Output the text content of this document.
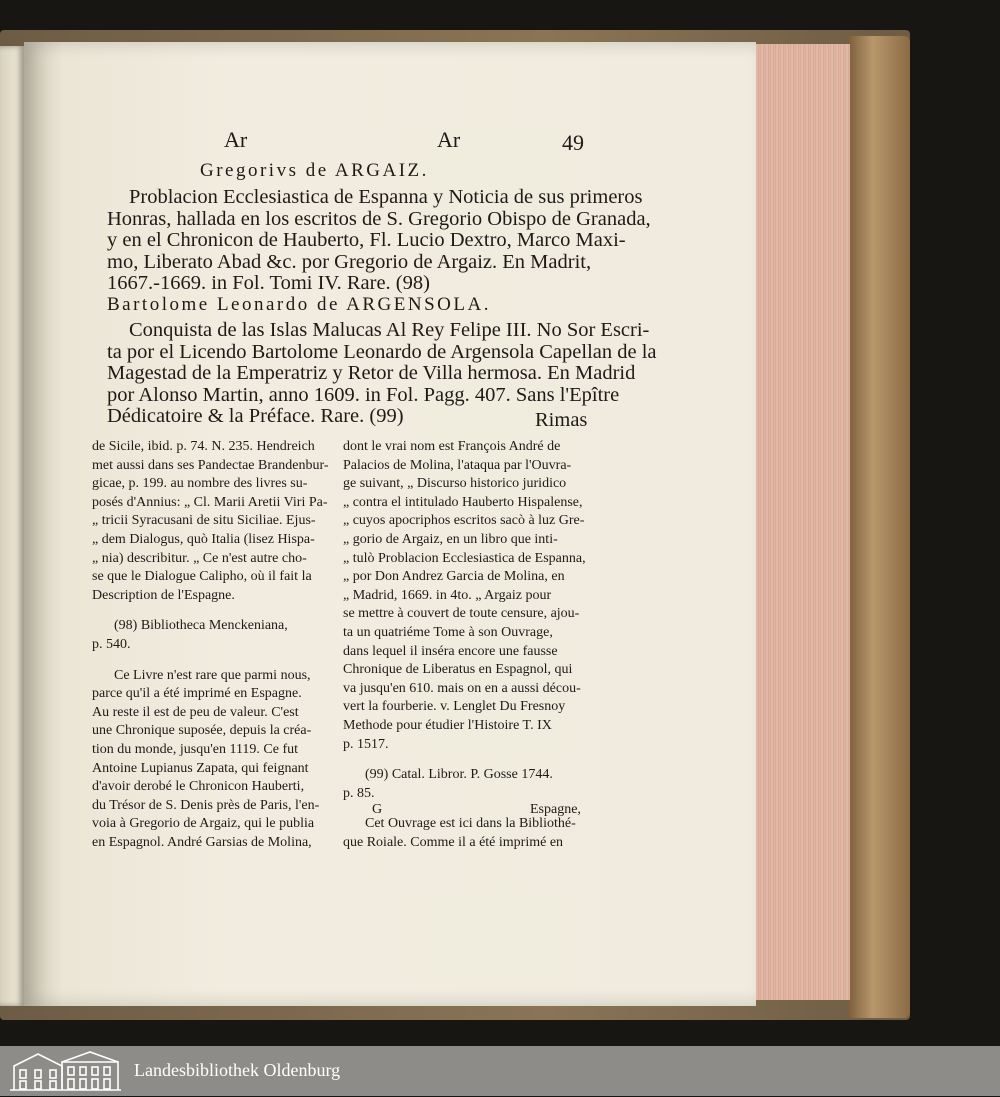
Ar	Ar	49
Gregorivs de ARGAIZ.
Problacion Ecclesiastica de Espanna y Noticia de sus primeros
Honras, hallada en los escritos de S. Gregorio Obispo de Granada,
y en el Chronicon de Hauberto, Fl. Lucio Dextro, Marco Maxi-
mo, Liberato Abad &c. por Gregorio de Argaiz. En Madrit,
1667.-1669. in Fol. Tomi IV. Rare. (98)
Bartolome Leonardo de ARGENSOLA.
Conquista de las Islas Malucas Al Rey Felipe III. No Sor Escri-
ta por el Licendo Bartolome Leonardo de Argensola Capellan de la
Magestad de la Emperatriz y Retor de Villa hermosa. En Madrid
por Alonso Martin, anno 1609. in Fol. Pagg. 407. Sans l'Epître
Dédicatoire & la Préface. Rare. (99)	Rimas
de Sicile, ibid. p. 74. N. 235. Hendreich
met aussi dans ses Pandectae Brandenbur-
gicae, p. 199. au nombre des livres su-
posés d'Annius: „ Cl. Marii Aretii Viri Pa-
„ tricii Syracusani de situ Siciliae. Ejus-
„ dem Dialogus, quò Italia (lisez Hispa-
„ nia) describitur. „ Ce n'est autre cho-
se que le Dialogue Calipho, où il fait la
Description de l'Espagne.
(98) Bibliotheca Menckeniana,
p. 540.
Ce Livre n'est rare que parmi nous,
parce qu'il a été imprimé en Espagne.
Au reste il est de peu de valeur. C'est
une Chronique suposée, depuis la créa-
tion du monde, jusqu'en 1119. Ce fut
Antoine Lupianus Zapata, qui feignant
d'avoir derobé le Chronicon Hauberti,
du Trésor de S. Denis près de Paris, l'en-
voia à Gregorio de Argaiz, qui le publia
en Espagnol. André Garsias de Molina,
dont le vrai nom est François André de
Palacios de Molina, l'ataqua par l'Ouvra-
ge suivant, „ Discurso historico juridico
„ contra el intitulado Hauberto Hispalense,
„ cuyos apocriphos escritos sacò à luz Gre-
„ gorio de Argaiz, en un libro que inti-
„ tulò Problacion Ecclesiastica de Espanna,
„ por Don Andrez Garcia de Molina, en
„ Madrid, 1669. in 4to. „ Argaiz pour
se mettre à couvert de toute censure, ajou-
ta un quatriéme Tome à son Ouvrage,
dans lequel il inséra encore une fausse
Chronique de Liberatus en Espagnol, qui
va jusqu'en 610. mais on en a aussi décou-
vert la fourberie. v. Lenglet Du Fresnoy
Methode pour étudier l'Histoire T. IX
p. 1517.
(99) Catal. Libror. P. Gosse 1744.
p. 85.
Cet Ouvrage est ici dans la Bibliothé-
que Roiale. Comme il a été imprimé en
G	Espagne,
Landesbibliothek Oldenburg
